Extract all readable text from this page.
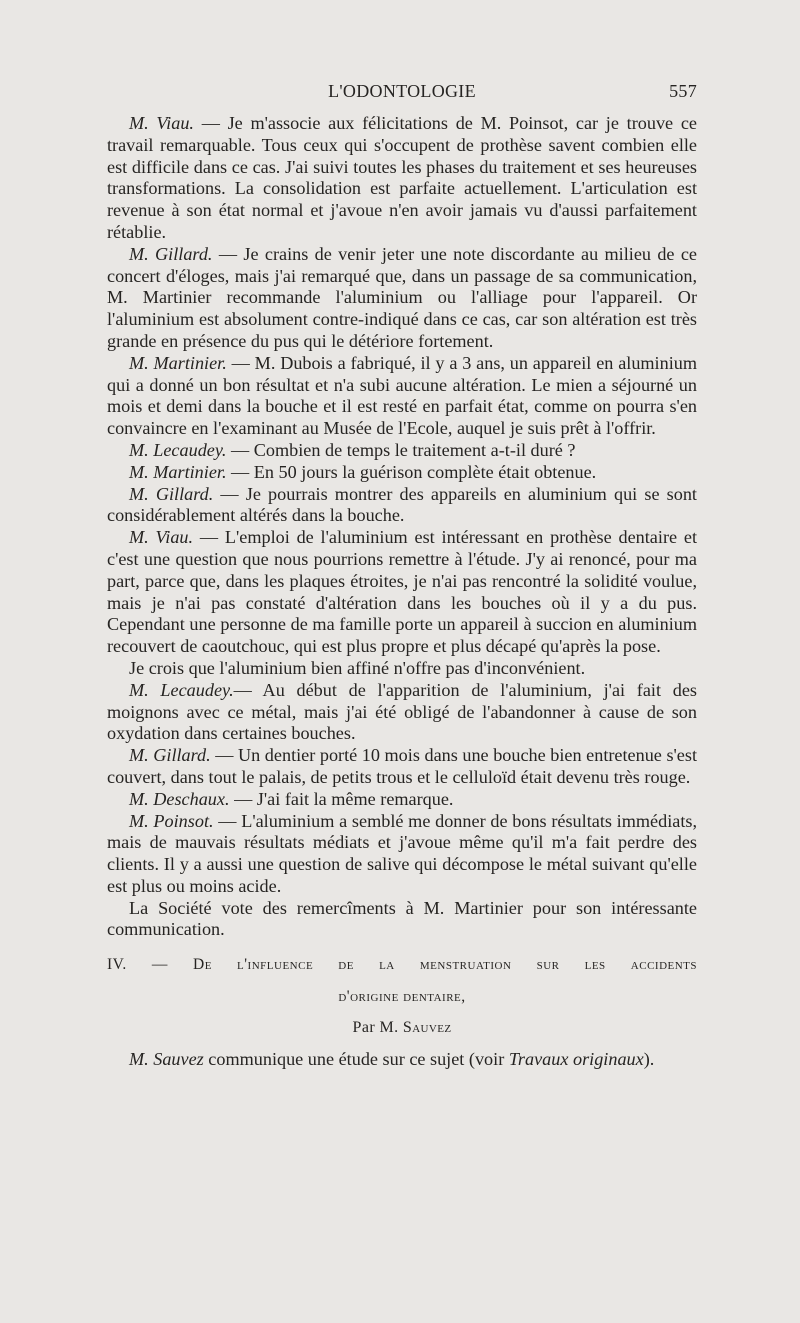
L'ODONTOLOGIE	557

M. Viau. — Je m'associe aux félicitations de M. Poinsot, car je trouve ce travail remarquable. Tous ceux qui s'occupent de prothèse savent combien elle est difficile dans ce cas. J'ai suivi toutes les phases du traitement et ses heureuses transformations. La consolidation est parfaite actuellement. L'articulation est revenue à son état normal et j'avoue n'en avoir jamais vu d'aussi parfaitement rétablie.

M. Gillard. — Je crains de venir jeter une note discordante au milieu de ce concert d'éloges, mais j'ai remarqué que, dans un passage de sa communication, M. Martinier recommande l'aluminium ou l'alliage pour l'appareil. Or l'aluminium est absolument contre-indiqué dans ce cas, car son altération est très grande en présence du pus qui le détériore fortement.

M. Martinier. — M. Dubois a fabriqué, il y a 3 ans, un appareil en aluminium qui a donné un bon résultat et n'a subi aucune altération. Le mien a séjourné un mois et demi dans la bouche et il est resté en parfait état, comme on pourra s'en convaincre en l'examinant au Musée de l'Ecole, auquel je suis prêt à l'offrir.

M. Lecaudey. — Combien de temps le traitement a-t-il duré ?

M. Martinier. — En 50 jours la guérison complète était obtenue.

M. Gillard. — Je pourrais montrer des appareils en aluminium qui se sont considérablement altérés dans la bouche.

M. Viau. — L'emploi de l'aluminium est intéressant en prothèse dentaire et c'est une question que nous pourrions remettre à l'étude. J'y ai renoncé, pour ma part, parce que, dans les plaques étroites, je n'ai pas rencontré la solidité voulue, mais je n'ai pas constaté d'altération dans les bouches où il y a du pus. Cependant une personne de ma famille porte un appareil à succion en aluminium recouvert de caoutchouc, qui est plus propre et plus décapé qu'après la pose.

Je crois que l'aluminium bien affiné n'offre pas d'inconvénient.

M. Lecaudey.— Au début de l'apparition de l'aluminium, j'ai fait des moignons avec ce métal, mais j'ai été obligé de l'abandonner à cause de son oxydation dans certaines bouches.

M. Gillard. — Un dentier porté 10 mois dans une bouche bien entretenue s'est couvert, dans tout le palais, de petits trous et le celluloïd était devenu très rouge.

M. Deschaux. — J'ai fait la même remarque.

M. Poinsot. — L'aluminium a semblé me donner de bons résultats immédiats, mais de mauvais résultats médiats et j'avoue même qu'il m'a fait perdre des clients. Il y a aussi une question de salive qui décompose le métal suivant qu'elle est plus ou moins acide.

La Société vote des remercîments à M. Martinier pour son intéressante communication.

IV. — De l'influence de la menstruation sur les accidents
d'origine dentaire,
Par M. Sauvez

M. Sauvez communique une étude sur ce sujet (voir Travaux originaux).
